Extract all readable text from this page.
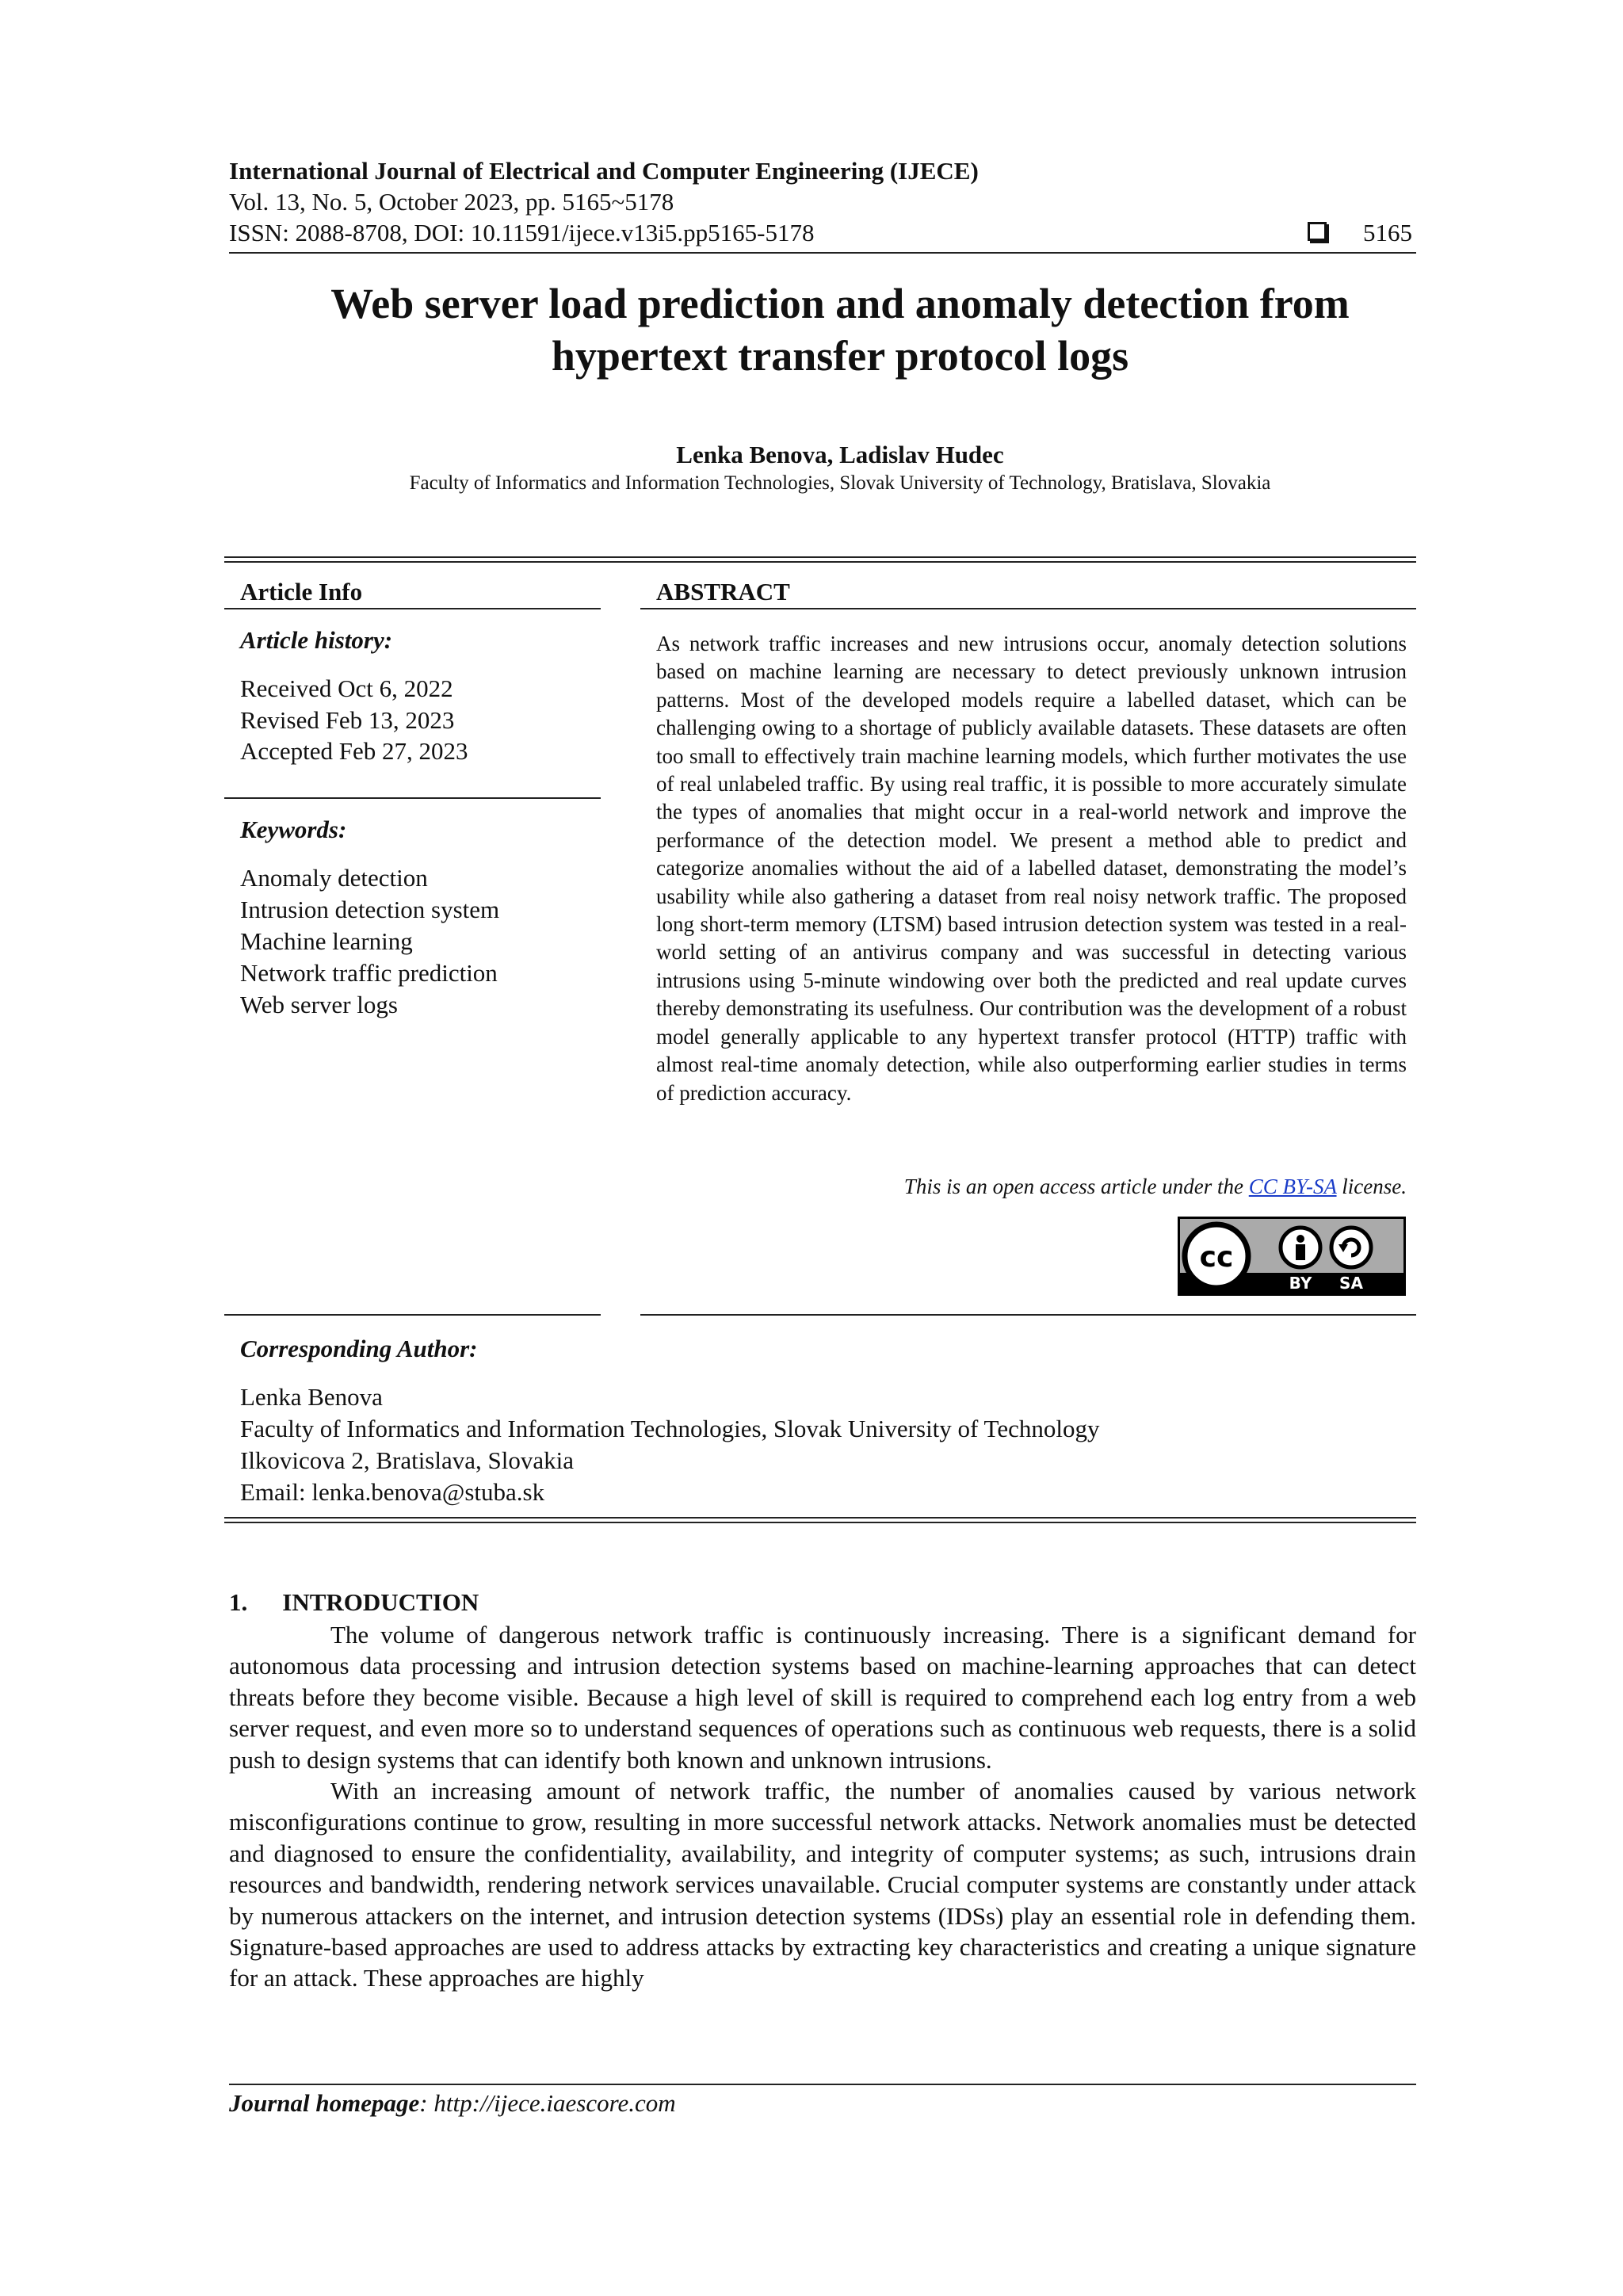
International Journal of Electrical and Computer Engineering (IJECE)
Vol. 13, No. 5, October 2023, pp. 5165~5178
ISSN: 2088-8708, DOI: 10.11591/ijece.v13i5.pp5165-5178	5165
Web server load prediction and anomaly detection from
hypertext transfer protocol logs
Lenka Benova, Ladislav Hudec
Faculty of Informatics and Information Technologies, Slovak University of Technology, Bratislava, Slovakia
Article Info
Article history:
Received Oct 6, 2022
Revised Feb 13, 2023
Accepted Feb 27, 2023
Keywords:
Anomaly detection
Intrusion detection system
Machine learning
Network traffic prediction
Web server logs
ABSTRACT
As network traffic increases and new intrusions occur, anomaly detection solutions based on machine learning are necessary to detect previously unknown intrusion patterns. Most of the developed models require a labelled dataset, which can be challenging owing to a shortage of publicly available datasets. These datasets are often too small to effectively train machine learning models, which further motivates the use of real unlabeled traffic. By using real traffic, it is possible to more accurately simulate the types of anomalies that might occur in a real-world network and improve the performance of the detection model. We present a method able to predict and categorize anomalies without the aid of a labelled dataset, demonstrating the model’s usability while also gathering a dataset from real noisy network traffic. The proposed long short-term memory (LTSM) based intrusion detection system was tested in a real-world setting of an antivirus company and was successful in detecting various intrusions using 5-minute windowing over both the predicted and real update curves thereby demonstrating its usefulness. Our contribution was the development of a robust model generally applicable to any hypertext transfer protocol (HTTP) traffic with almost real-time anomaly detection, while also outperforming earlier studies in terms of prediction accuracy.
This is an open access article under the CC BY-SA license.
cc
BY SA
Corresponding Author:
Lenka Benova
Faculty of Informatics and Information Technologies, Slovak University of Technology
Ilkovicova 2, Bratislava, Slovakia
Email: lenka.benova@stuba.sk
1. INTRODUCTION
The volume of dangerous network traffic is continuously increasing. There is a significant demand for autonomous data processing and intrusion detection systems based on machine-learning approaches that can detect threats before they become visible. Because a high level of skill is required to comprehend each log entry from a web server request, and even more so to understand sequences of operations such as continuous web requests, there is a solid push to design systems that can identify both known and unknown intrusions.
With an increasing amount of network traffic, the number of anomalies caused by various network misconfigurations continue to grow, resulting in more successful network attacks. Network anomalies must be detected and diagnosed to ensure the confidentiality, availability, and integrity of computer systems; as such, intrusions drain resources and bandwidth, rendering network services unavailable. Crucial computer systems are constantly under attack by numerous attackers on the internet, and intrusion detection systems (IDSs) play an essential role in defending them. Signature-based approaches are used to address attacks by extracting key characteristics and creating a unique signature for an attack. These approaches are highly
Journal homepage: http://ijece.iaescore.com
